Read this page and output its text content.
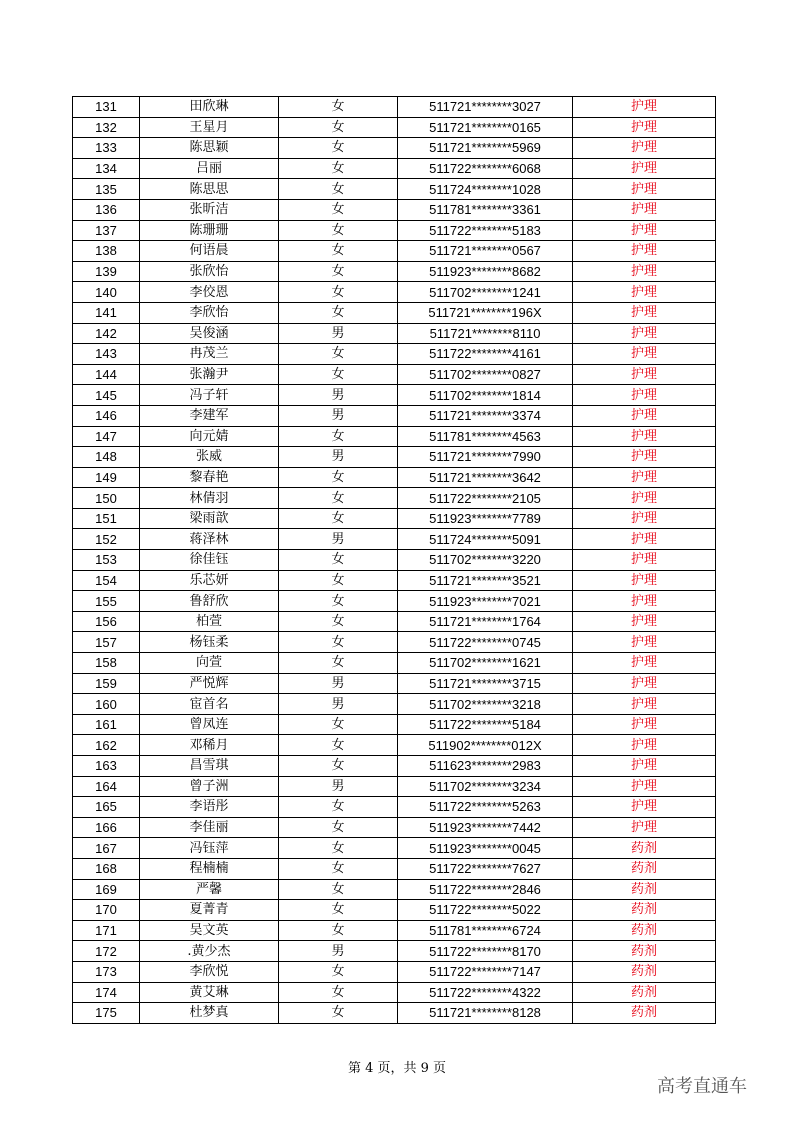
131	田欣琳	女	511721********3027	护理
132	王星月	女	511721********0165	护理
133	陈思颖	女	511721********5969	护理
134	吕丽	女	511722********6068	护理
135	陈思思	女	511724********1028	护理
136	张昕洁	女	511781********3361	护理
137	陈珊珊	女	511722********5183	护理
138	何语晨	女	511721********0567	护理
139	张欣怡	女	511923********8682	护理
140	李佼恩	女	511702********1241	护理
141	李欣怡	女	511721********196X	护理
142	吴俊涵	男	511721********8110	护理
143	冉茂兰	女	511722********4161	护理
144	张瀚尹	女	511702********0827	护理
145	冯子轩	男	511702********1814	护理
146	李建军	男	511721********3374	护理
147	向元婧	女	511781********4563	护理
148	张威	男	511721********7990	护理
149	黎春艳	女	511721********3642	护理
150	林倩羽	女	511722********2105	护理
151	梁雨歆	女	511923********7789	护理
152	蒋泽林	男	511724********5091	护理
153	徐佳钰	女	511702********3220	护理
154	乐芯妍	女	511721********3521	护理
155	鲁舒欣	女	511923********7021	护理
156	柏萱	女	511721********1764	护理
157	杨钰柔	女	511722********0745	护理
158	向萱	女	511702********1621	护理
159	严悦辉	男	511721********3715	护理
160	宦首名	男	511702********3218	护理
161	曾凤连	女	511722********5184	护理
162	邓稀月	女	511902********012X	护理
163	昌雪琪	女	511623********2983	护理
164	曾子洲	男	511702********3234	护理
165	李语彤	女	511722********5263	护理
166	李佳丽	女	511923********7442	护理
167	冯钰萍	女	511923********0045	药剂
168	程楠楠	女	511722********7627	药剂
169	严馨	女	511722********2846	药剂
170	夏菁青	女	511722********5022	药剂
171	吴文英	女	511781********6724	药剂
172	.黄少杰	男	511722********8170	药剂
173	李欣悦	女	511722********7147	药剂
174	黄艾琳	女	511722********4322	药剂
175	杜梦真	女	511721********8128	药剂
第 4 页，共 9 页
高考直通车
